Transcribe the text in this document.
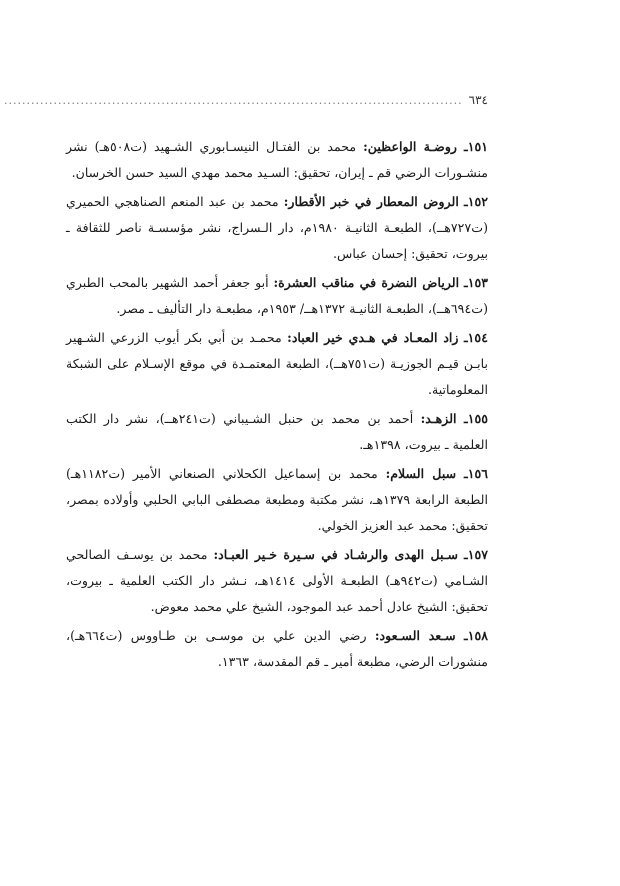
٦٣٤
......................................................................................................

١٥١ـ روضـة الواعظين: محمد بن الفتـال النيسـابوري الشـهيد (ت٥٠٨هـ) نشر منشـورات الرضي قم ـ إيران، تحقيق: السـيد محمد مهدي السيد حسن الخرسان.

١٥٢ـ الروض المعطار في خبر الأقطار: محمد بن عبد المنعم الصناهجي الحميري (ت٧٢٧هــ)، الطبعـة الثانيـة ١٩٨٠م، دار الـسراج، نشر مؤسسـة ناصر للثقافة ـ بيروت، تحقيق: إحسان عباس.

١٥٣ـ الرياض النضرة في مناقب العشرة: أبو جعفر أحمد الشهير بالمحب الطبري (ت٦٩٤هــ)، الطبعـة الثانيـة ١٣٧٢هــ/ ١٩٥٣م، مطبعـة دار التأليف ـ مصر.

١٥٤ـ زاد المعـاد في هـدي خير العباد: محمـد بن أبي بكر أيوب الزرعي الشـهير بابـن قيـم الجوزيـة (ت٧٥١هــ)، الطبعة المعتمـدة في موقع الإسـلام على الشبكة المعلوماتية.

١٥٥ـ الزهـد: أحمد بن محمد بن حنبل الشـيباني (ت٢٤١هــ)، نشر دار الكتب العلمية ـ بيروت، ١٣٩٨هـ.

١٥٦ـ سبل السلام: محمد بن إسماعيل الكحلاني الصنعاني الأمير (ت١١٨٢هـ) الطبعة الرابعة ١٣٧٩هـ، نشر مكتبة ومطبعة مصطفى البابي الحلبي وأولاده بمصر، تحقيق: محمد عبد العزيز الخولي.

١٥٧ـ سـبل الهدى والرشـاد في سـيرة خـير العبـاد: محمد بن يوسـف الصالحي الشـامي (ت٩٤٢هـ) الطبعـة الأولى ١٤١٤هـ، نـشر دار الكتب العلمية ـ بيروت، تحقيق: الشيخ عادل أحمد عبد الموجود، الشيخ علي محمد معوض.

١٥٨ـ سـعد السـعود: رضي الدين علي بن موسـى بن طـاووس (ت٦٦٤هـ)، منشورات الرضي، مطبعة أمير ـ قم المقدسة، ١٣٦٣.
